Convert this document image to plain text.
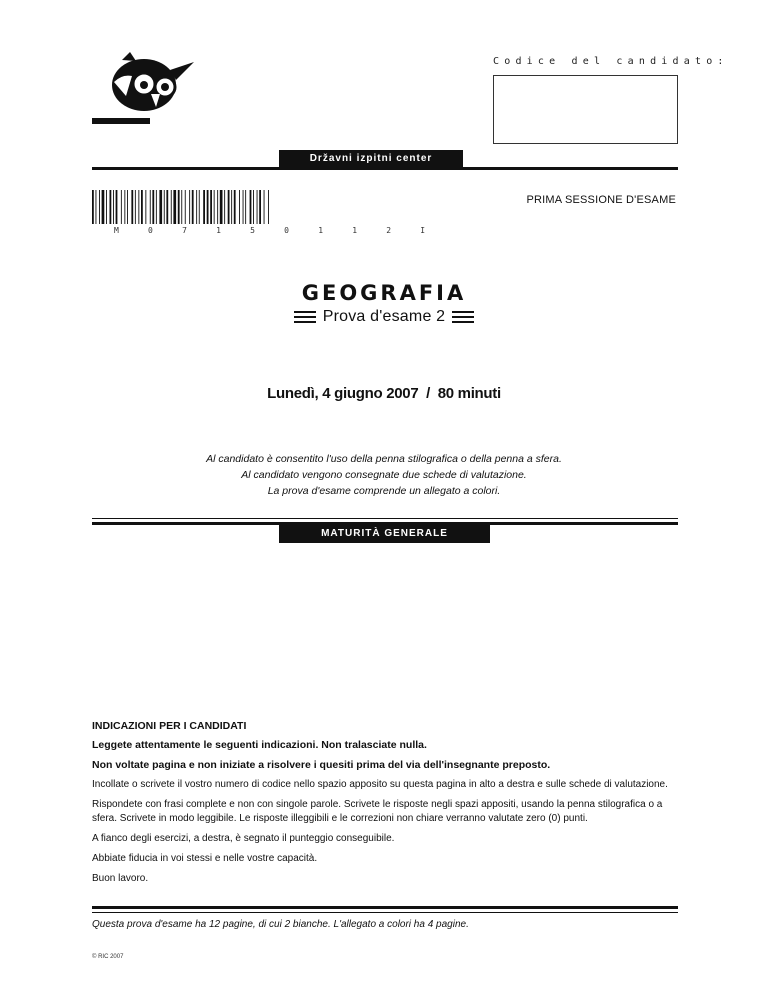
Codice del candidato:
Državni izpitni center
M 0 7 1 5 0 1 1 2 I
PRIMA SESSIONE D'ESAME
GEOGRAFIA
Prova d'esame 2
Lunedì, 4 giugno 2007  /  80 minuti
Al candidato è consentito l'uso della penna stilografica o della penna a sfera.
Al candidato vengono consegnate due schede di valutazione.
La prova d'esame comprende un allegato a colori.
MATURITÀ GENERALE
INDICAZIONI PER I CANDIDATI
Leggete attentamente le seguenti indicazioni. Non tralasciate nulla.
Non voltate pagina e non iniziate a risolvere i quesiti prima del via dell'insegnante preposto.

Incollate o scrivete il vostro numero di codice nello spazio apposito su questa pagina in alto a destra e sulle schede di valutazione.

Rispondete con frasi complete e non con singole parole. Scrivete le risposte negli spazi appositi, usando la penna stilografica o a sfera. Scrivete in modo leggibile. Le risposte illeggibili e le correzioni non chiare verranno valutate zero (0) punti.

A fianco degli esercizi, a destra, è segnato il punteggio conseguibile.

Abbiate fiducia in voi stessi e nelle vostre capacità.

Buon lavoro.

Questa prova d'esame ha 12 pagine, di cui 2 bianche. L'allegato a colori ha 4 pagine.
© RIC 2007
